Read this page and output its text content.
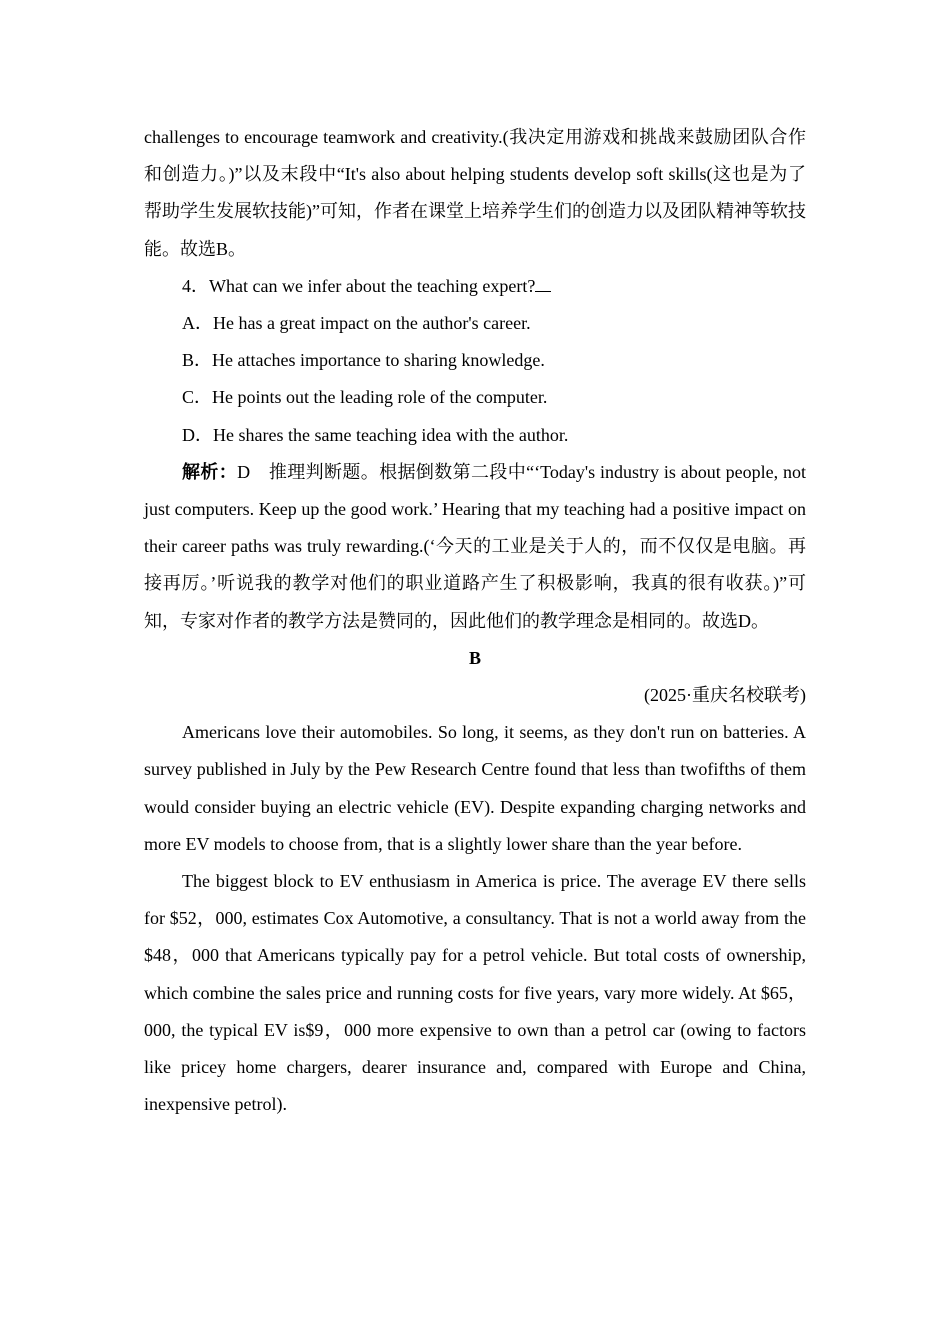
challenges to encourage teamwork and creativity.(我决定用游戏和挑战来鼓励团队合作和创造力。)”以及末段中“It's also about helping students develop soft skills(这也是为了帮助学生发展软技能)”可知，作者在课堂上培养学生们的创造力以及团队精神等软技能。故选B。

4．What can we infer about the teaching expert?

A．He has a great impact on the author's career.

B．He attaches importance to sharing knowledge.

C．He points out the leading role of the computer.

D．He shares the same teaching idea with the author.

解析：D　推理判断题。根据倒数第二段中“‘Today's industry is about people, not just computers. Keep up the good work.’ Hearing that my teaching had a positive impact on their career paths was truly rewarding.(‘今天的工业是关于人的，而不仅仅是电脑。再接再厉。’听说我的教学对他们的职业道路产生了积极影响，我真的很有收获。)”可知，专家对作者的教学方法是赞同的，因此他们的教学理念是相同的。故选D。

B

(2025·重庆名校联考)

Americans love their automobiles. So long, it seems, as they don't run on batteries. A survey published in July by the Pew Research Centre found that less than twofifths of them would consider buying an electric vehicle (EV). Despite expanding charging networks and more EV models to choose from, that is a slightly lower share than the year before.

The biggest block to EV enthusiasm in America is price. The average EV there sells for $52，000, estimates Cox Automotive, a consultancy. That is not a world away from the $48，000 that Americans typically pay for a petrol vehicle. But total costs of ownership, which combine the sales price and running costs for five years, vary more widely. At $65，000, the typical EV is$9，000 more expensive to own than a petrol car (owing to factors like pricey home chargers, dearer insurance and, compared with Europe and China, inexpensive petrol).
